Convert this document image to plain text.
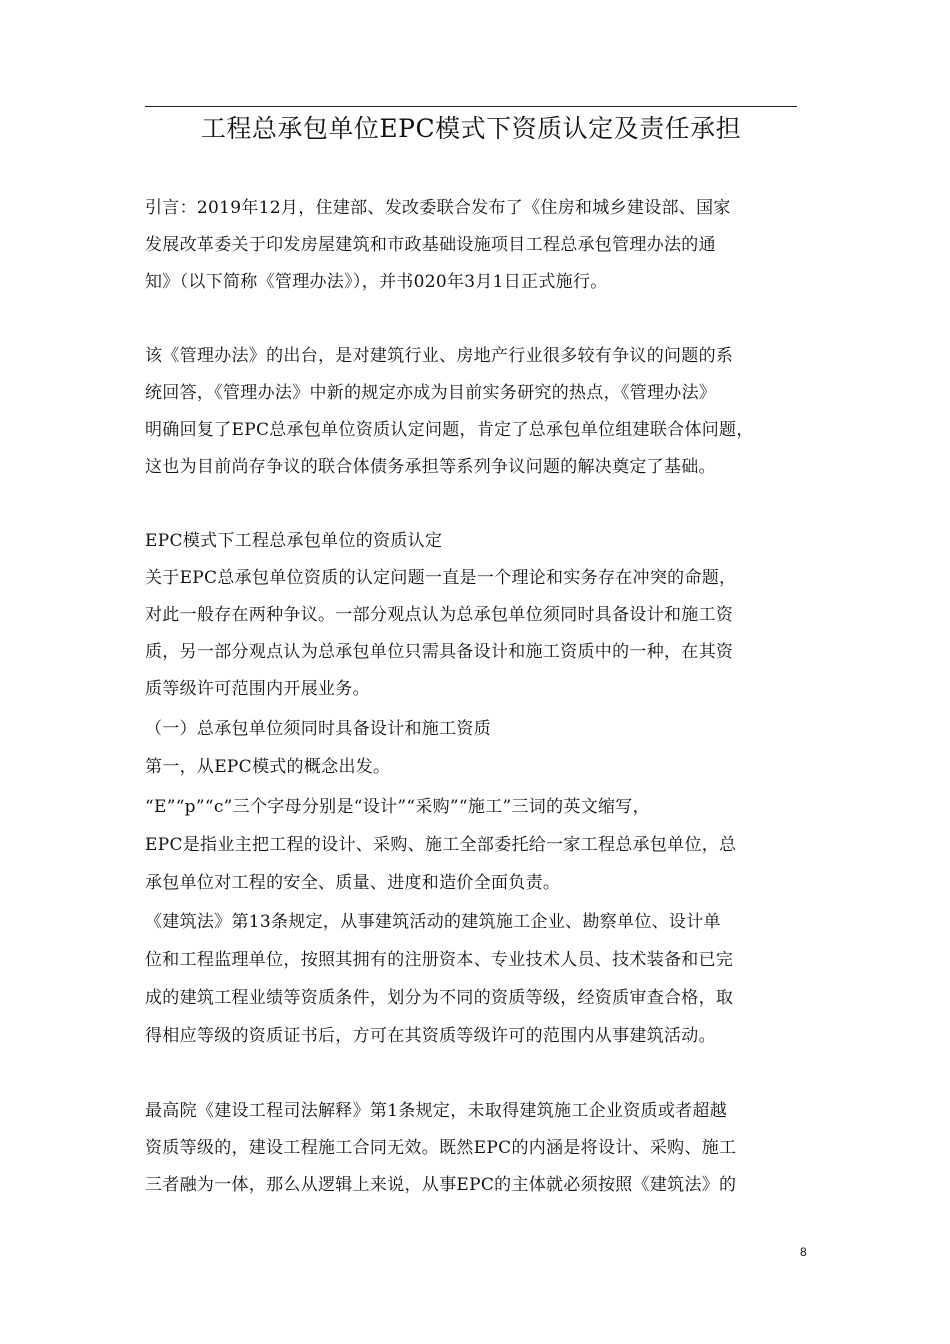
工程总承包单位EPC模式下资质认定及责任承担
引言：2019年12月，住建部、发改委联合发布了《住房和城乡建设部、国家
发展改革委关于印发房屋建筑和市政基础设施项目工程总承包管理办法的通
知》（以下简称《管理办法》），并书020年3月1日正式施行。
该《管理办法》的出台，是对建筑行业、房地产行业很多较有争议的问题的系
统回答，《管理办法》中新的规定亦成为目前实务研究的热点，《管理办法》
明确回复了EPC总承包单位资质认定问题，肯定了总承包单位组建联合体问题，
这也为目前尚存争议的联合体债务承担等系列争议问题的解决奠定了基础。
EPC模式下工程总承包单位的资质认定
关于EPC总承包单位资质的认定问题一直是一个理论和实务存在冲突的命题，
对此一般存在两种争议。一部分观点认为总承包单位须同时具备设计和施工资
质，另一部分观点认为总承包单位只需具备设计和施工资质中的一种，在其资
质等级许可范围内开展业务。
（一）总承包单位须同时具备设计和施工资质
第一，从EPC模式的概念出发。
“E”“p”“c”三个字母分别是“设计”“采购”“施工”三词的英文缩写，
EPC是指业主把工程的设计、采购、施工全部委托给一家工程总承包单位，总
承包单位对工程的安全、质量、进度和造价全面负责。
《建筑法》第13条规定，从事建筑活动的建筑施工企业、勘察单位、设计单
位和工程监理单位，按照其拥有的注册资本、专业技术人员、技术装备和已完
成的建筑工程业绩等资质条件，划分为不同的资质等级，经资质审查合格，取
得相应等级的资质证书后，方可在其资质等级许可的范围内从事建筑活动。
最高院《建设工程司法解释》第1条规定，未取得建筑施工企业资质或者超越
资质等级的，建设工程施工合同无效。既然EPC的内涵是将设计、采购、施工
三者融为一体，那么从逻辑上来说，从事EPC的主体就必须按照《建筑法》的
8
